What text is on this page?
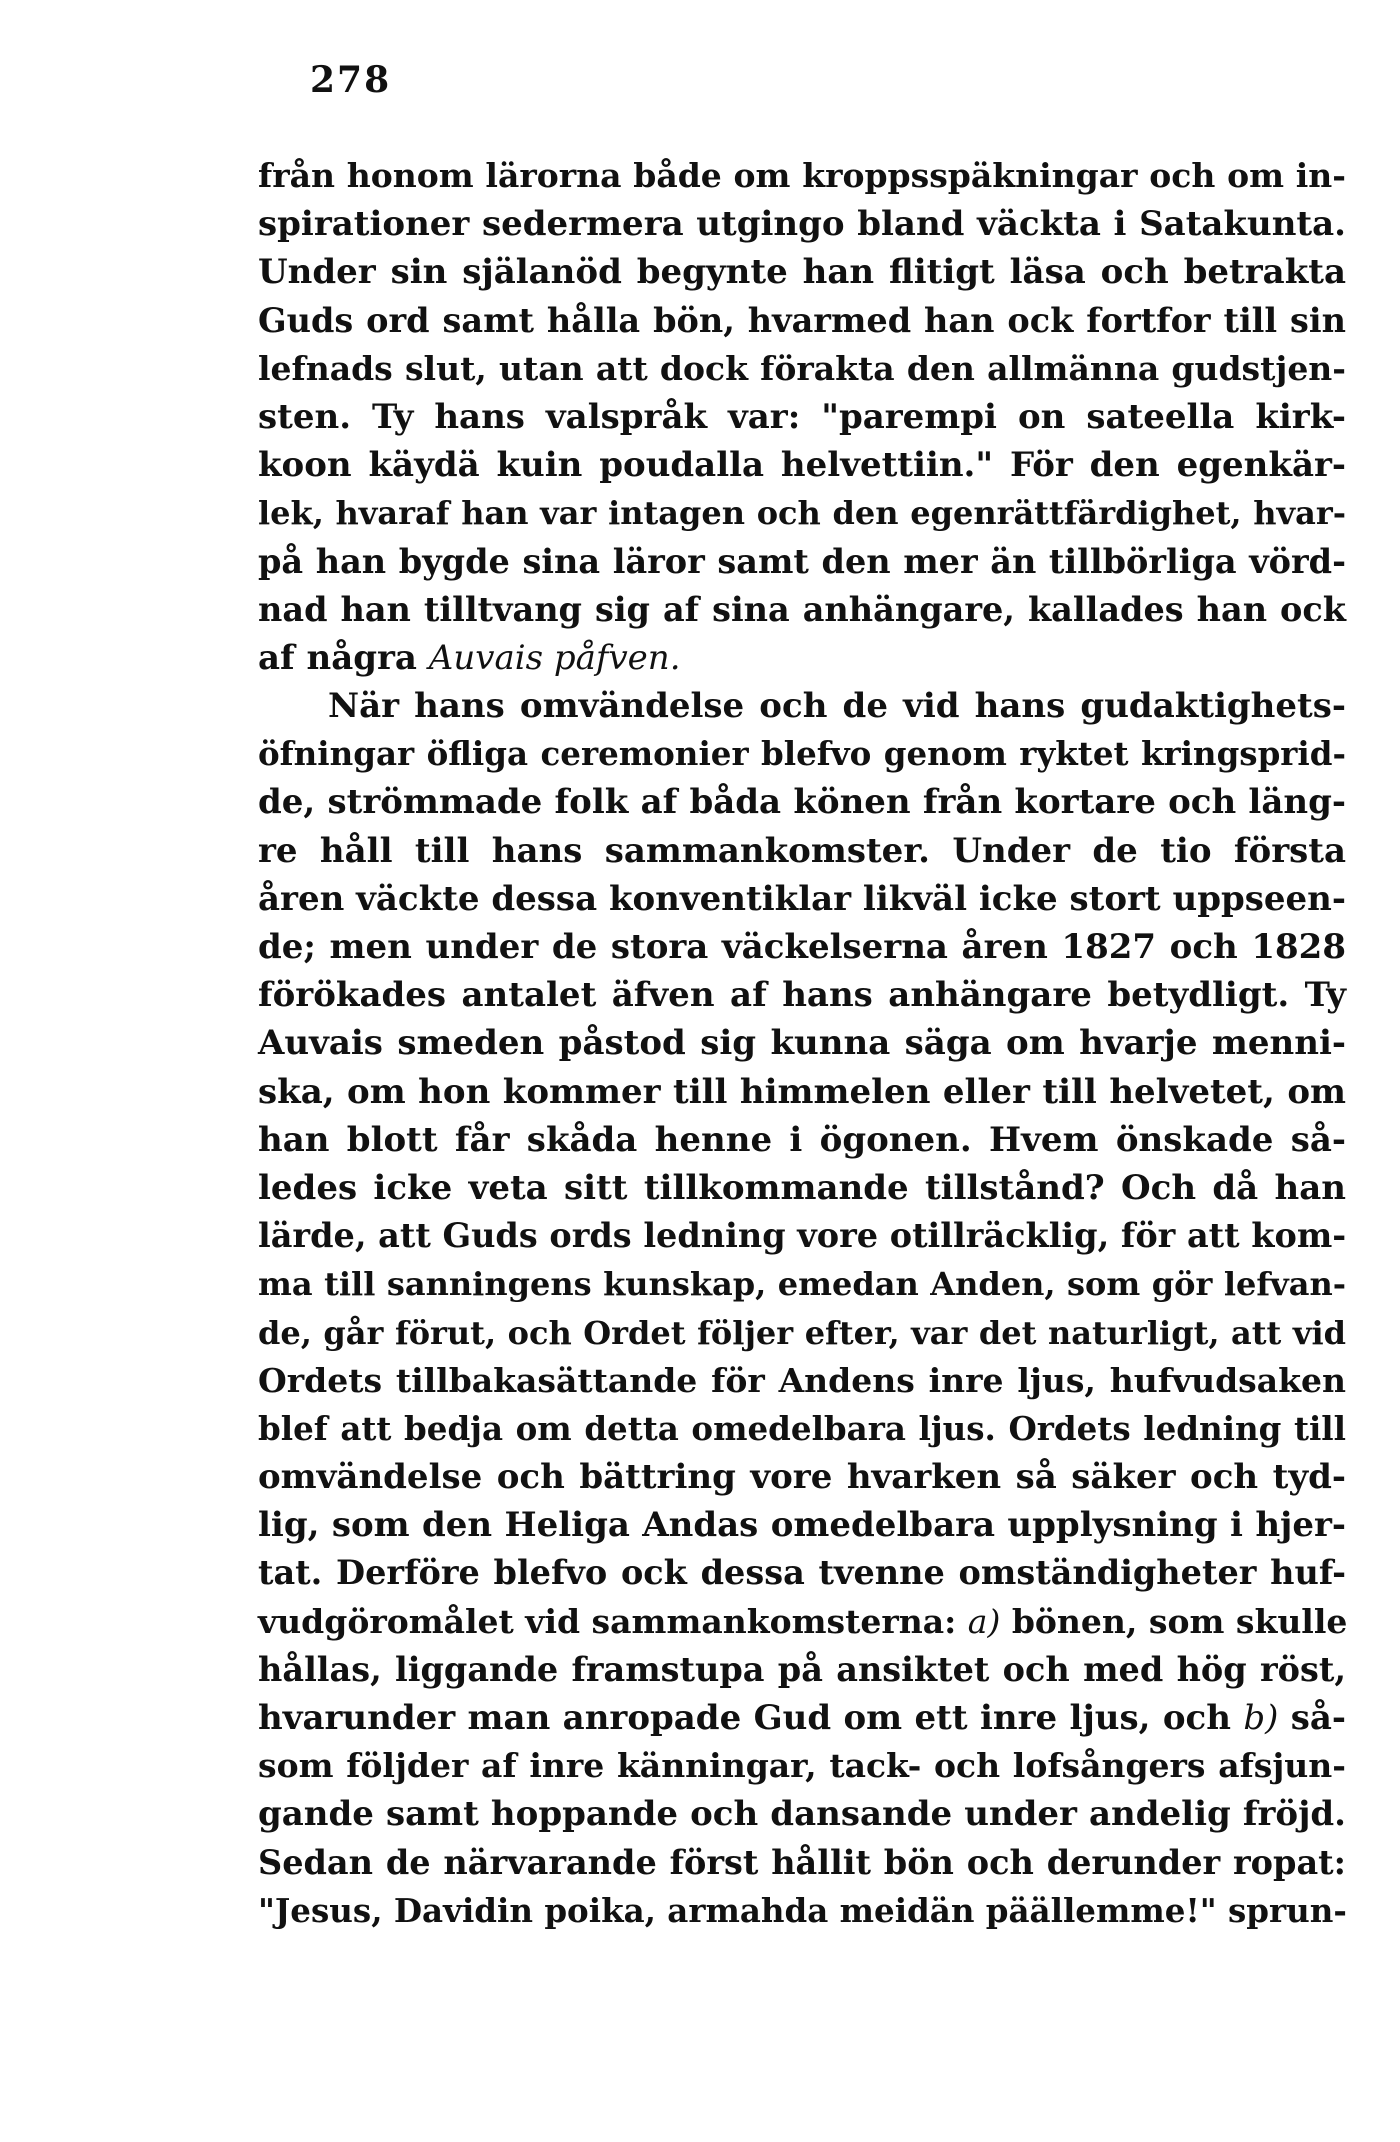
278
från honom lärorna både om kroppsspäkningar och om in-
spirationer sedermera utgingo bland väckta i Satakunta.
Under sin själanöd begynte han flitigt läsa och betrakta
Guds ord samt hålla bön, hvarmed han ock fortfor till sin
lefnads slut, utan att dock förakta den allmänna gudstjen-
sten. Ty hans valspråk var: "parempi on sateella kirk-
koon käydä kuin poudalla helvettiin." För den egenkär-
lek, hvaraf han var intagen och den egenrättfärdighet, hvar-
på han bygde sina läror samt den mer än tillbörliga vörd-
nad han tilltvang sig af sina anhängare, kallades han ock
af några Auvais påfven.
När hans omvändelse och de vid hans gudaktighets-
öfningar öfliga ceremonier blefvo genom ryktet kringsprid-
de, strömmade folk af båda könen från kortare och läng-
re håll till hans sammankomster. Under de tio första
åren väckte dessa konventiklar likväl icke stort uppseen-
de; men under de stora väckelserna åren 1827 och 1828
förökades antalet äfven af hans anhängare betydligt. Ty
Auvais smeden påstod sig kunna säga om hvarje menni-
ska, om hon kommer till himmelen eller till helvetet, om
han blott får skåda henne i ögonen. Hvem önskade så-
ledes icke veta sitt tillkommande tillstånd? Och då han
lärde, att Guds ords ledning vore otillräcklig, för att kom-
ma till sanningens kunskap, emedan Anden, som gör lefvan-
de, går förut, och Ordet följer efter, var det naturligt, att vid
Ordets tillbakasättande för Andens inre ljus, hufvudsaken
blef att bedja om detta omedelbara ljus. Ordets ledning till
omvändelse och bättring vore hvarken så säker och tyd-
lig, som den Heliga Andas omedelbara upplysning i hjer-
tat. Derföre blefvo ock dessa tvenne omständigheter huf-
vudgöromålet vid sammankomsterna: a) bönen, som skulle
hållas, liggande framstupa på ansiktet och med hög röst,
hvarunder man anropade Gud om ett inre ljus, och b) så-
som följder af inre känningar, tack- och lofsångers afsjun-
gande samt hoppande och dansande under andelig fröjd.
Sedan de närvarande först hållit bön och derunder ropat:
"Jesus, Davidin poika, armahda meidän päällemme!" sprun-
